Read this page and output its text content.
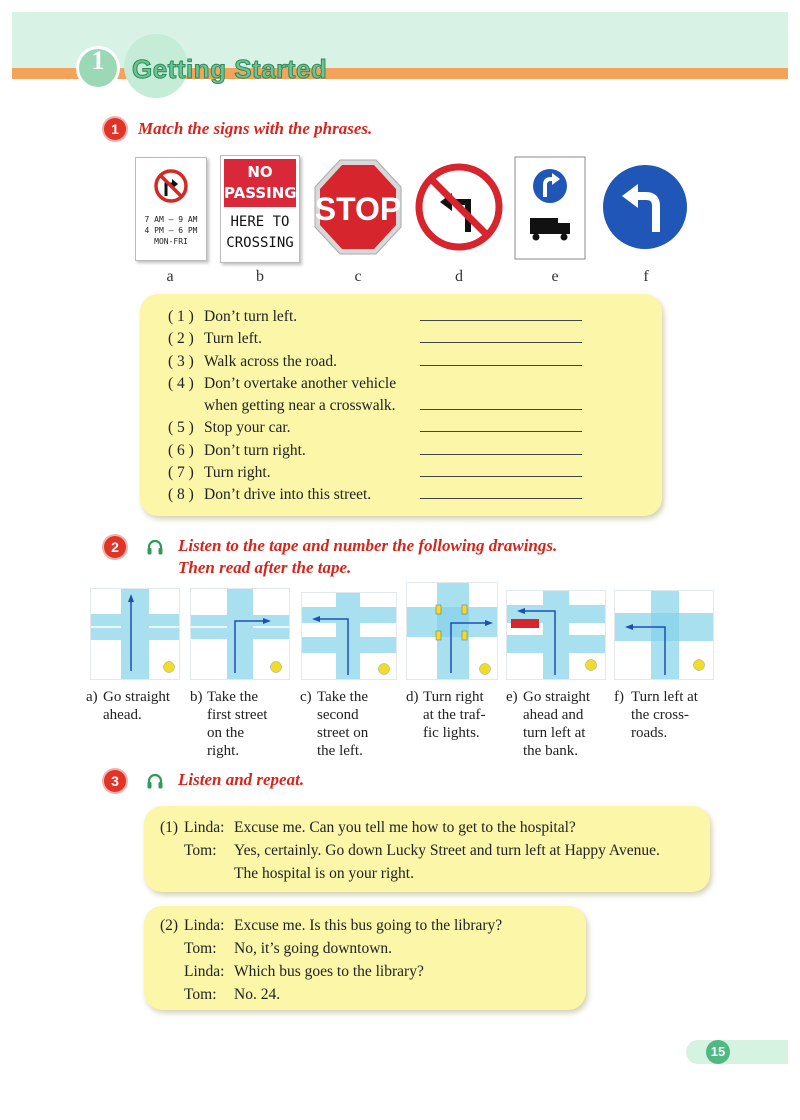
1	Getting Started
1	Match the signs with the phrases.
7 AM – 9 AM
4 PM – 6 PM
MON-FRI
NO
PASSING
HERE TO
CROSSING
STOP
a	b	c	d	e	f
( 1 ) Don’t turn left.
( 2 ) Turn left.
( 3 ) Walk across the road.
( 4 ) Don’t overtake another vehicle
when getting near a crosswalk.
( 5 ) Stop your car.
( 6 ) Don’t turn right.
( 7 ) Turn right.
( 8 ) Don’t drive into this street.
2	Listen to the tape and number the following drawings.
Then read after the tape.
a) Go straight
ahead.
b) Take the
first street
on the
right.
c) Take the
second
street on
the left.
d) Turn right
at the traf-
fic lights.
e) Go straight
ahead and
turn left at
the bank.
f) Turn left at
the cross-
roads.
3	Listen and repeat.
(1) Linda: Excuse me. Can you tell me how to get to the hospital?
Tom:	Yes, certainly. Go down Lucky Street and turn left at Happy Avenue.
The hospital is on your right.
(2) Linda: Excuse me. Is this bus going to the library?
Tom:	No, it’s going downtown.
Linda: Which bus goes to the library?
Tom:	No. 24.
15
